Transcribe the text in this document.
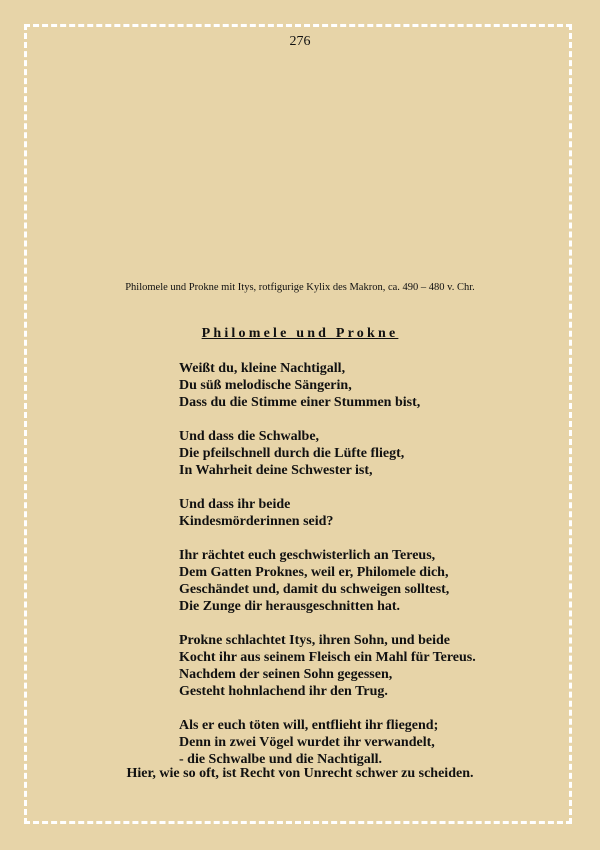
276
Philomele und Prokne mit Itys, rotfigurige Kylix des Makron, ca. 490 – 480 v. Chr.
Philomele und Prokne
Weißt du, kleine Nachtigall,
Du süß melodische Sängerin,
Dass du die Stimme einer Stummen bist,
Und dass die Schwalbe,
Die pfeilschnell durch die Lüfte fliegt,
In Wahrheit deine Schwester ist,
Und dass ihr beide
Kindesmörderinnen seid?
Ihr rächtet euch geschwisterlich an Tereus,
Dem Gatten Proknes, weil er, Philomele dich,
Geschändet und, damit du schweigen solltest,
Die Zunge dir herausgeschnitten hat.
Prokne schlachtet Itys, ihren Sohn, und beide
Kocht ihr aus seinem Fleisch ein Mahl für Tereus.
Nachdem der seinen Sohn gegessen,
Gesteht hohnlachend ihr den Trug.
Als er euch töten will, entflieht ihr fliegend;
Denn in zwei Vögel wurdet ihr verwandelt,
- die Schwalbe und die Nachtigall.
Hier, wie so oft, ist Recht von Unrecht schwer zu scheiden.
